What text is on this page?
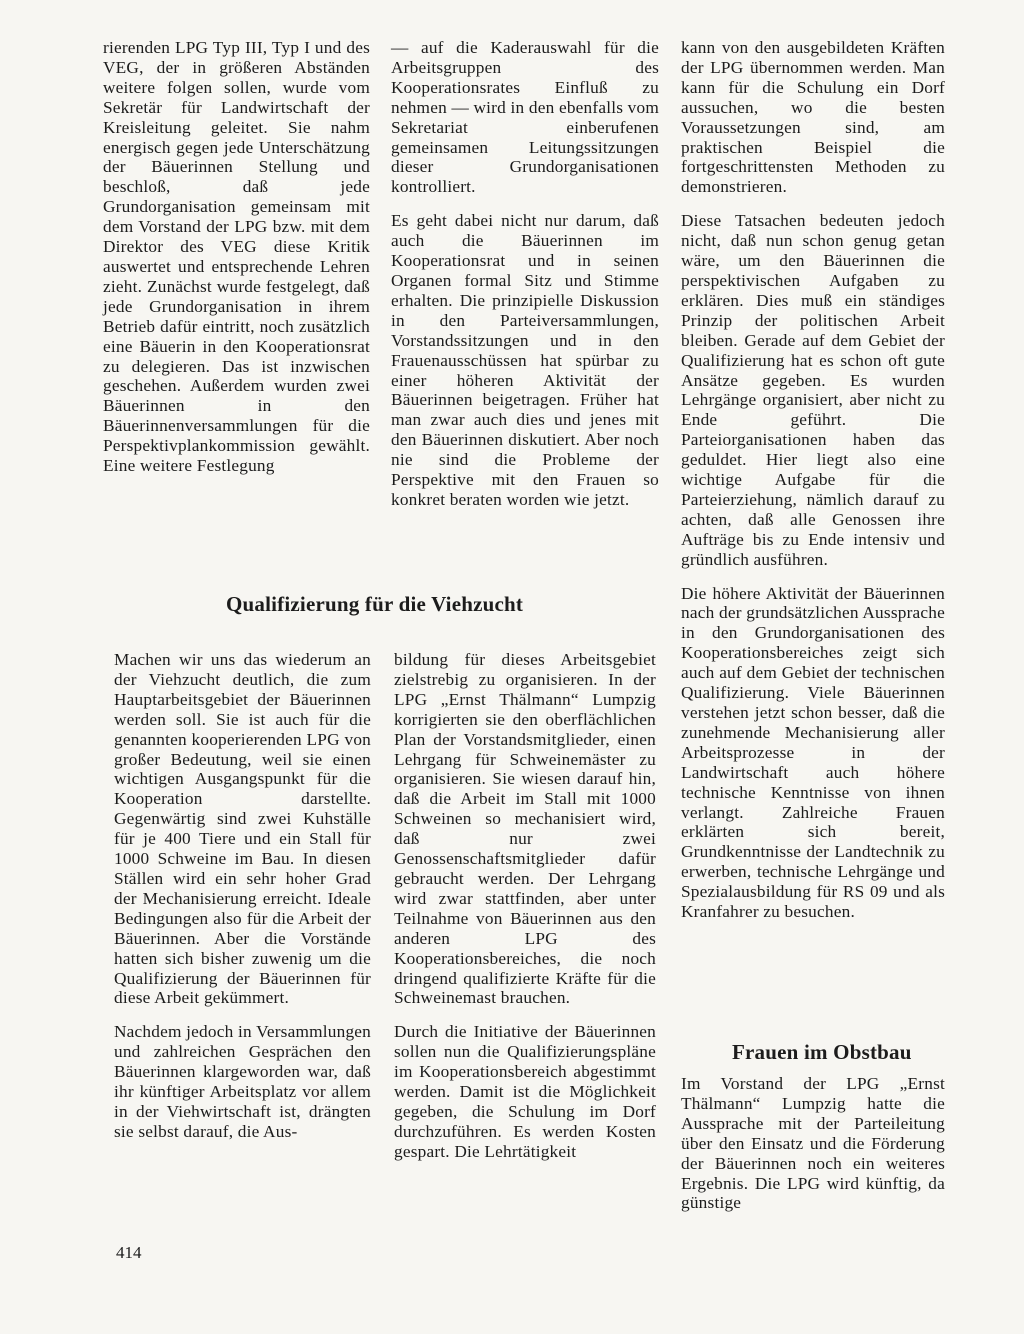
rierenden LPG Typ III, Typ I und des VEG, der in größeren Abständen weitere folgen sollen, wurde vom Sekretär für Landwirtschaft der Kreisleitung geleitet. Sie nahm energisch gegen jede Unterschätzung der Bäuerinnen Stellung und beschloß, daß jede Grundorganisation gemeinsam mit dem Vorstand der LPG bzw. mit dem Direktor des VEG diese Kritik auswertet und entsprechende Lehren zieht. Zunächst wurde festgelegt, daß jede Grundorganisation in ihrem Betrieb dafür eintritt, noch zusätzlich eine Bäuerin in den Kooperationsrat zu delegieren. Das ist inzwischen geschehen. Außerdem wurden zwei Bäuerinnen in den Bäuerinnenversammlungen für die Perspektivplankommission gewählt. Eine weitere Festlegung

— auf die Kaderauswahl für die Arbeitsgruppen des Kooperationsrates Einfluß zu nehmen — wird in den ebenfalls vom Sekretariat einberufenen gemeinsamen Leitungssitzungen dieser Grundorganisationen kontrolliert.

Es geht dabei nicht nur darum, daß auch die Bäuerinnen im Kooperationsrat und in seinen Organen formal Sitz und Stimme erhalten. Die prinzipielle Diskussion in den Parteiversammlungen, Vorstandssitzungen und in den Frauenausschüssen hat spürbar zu einer höheren Aktivität der Bäuerinnen beigetragen. Früher hat man zwar auch dies und jenes mit den Bäuerinnen diskutiert. Aber noch nie sind die Probleme der Perspektive mit den Frauen so konkret beraten worden wie jetzt.

kann von den ausgebildeten Kräften der LPG übernommen werden. Man kann für die Schulung ein Dorf aussuchen, wo die besten Voraussetzungen sind, am praktischen Beispiel die fortgeschrittensten Methoden zu demonstrieren.

Diese Tatsachen bedeuten jedoch nicht, daß nun schon genug getan wäre, um den Bäuerinnen die perspektivischen Aufgaben zu erklären. Dies muß ein ständiges Prinzip der politischen Arbeit bleiben. Gerade auf dem Gebiet der Qualifizierung hat es schon oft gute Ansätze gegeben. Es wurden Lehrgänge organisiert, aber nicht zu Ende geführt. Die Parteiorganisationen haben das geduldet. Hier liegt also eine wichtige Aufgabe für die Parteierziehung, nämlich darauf zu achten, daß alle Genossen ihre Aufträge bis zu Ende intensiv und gründlich ausführen.

Die höhere Aktivität der Bäuerinnen nach der grundsätzlichen Aussprache in den Grundorganisationen des Kooperationsbereiches zeigt sich auch auf dem Gebiet der technischen Qualifizierung. Viele Bäuerinnen verstehen jetzt schon besser, daß die zunehmende Mechanisierung aller Arbeitsprozesse in der Landwirtschaft auch höhere technische Kenntnisse von ihnen verlangt. Zahlreiche Frauen erklärten sich bereit, Grundkenntnisse der Landtechnik zu erwerben, technische Lehrgänge und Spezialausbildung für RS 09 und als Kranfahrer zu besuchen.

Frauen im Obstbau

Im Vorstand der LPG „Ernst Thälmann“ Lumpzig hatte die Aussprache mit der Parteileitung über den Einsatz und die Förderung der Bäuerinnen noch ein weiteres Ergebnis. Die LPG wird künftig, da günstige

Qualifizierung für die Viehzucht

Machen wir uns das wiederum an der Viehzucht deutlich, die zum Hauptarbeitsgebiet der Bäuerinnen werden soll. Sie ist auch für die genannten kooperierenden LPG von großer Bedeutung, weil sie einen wichtigen Ausgangspunkt für die Kooperation darstellte. Gegenwärtig sind zwei Kuhställe für je 400 Tiere und ein Stall für 1000 Schweine im Bau. In diesen Ställen wird ein sehr hoher Grad der Mechanisierung erreicht. Ideale Bedingungen also für die Arbeit der Bäuerinnen. Aber die Vorstände hatten sich bisher zuwenig um die Qualifizierung der Bäuerinnen für diese Arbeit gekümmert.

Nachdem jedoch in Versammlungen und zahlreichen Gesprächen den Bäuerinnen klargeworden war, daß ihr künftiger Arbeitsplatz vor allem in der Viehwirtschaft ist, drängten sie selbst darauf, die Aus-

bildung für dieses Arbeitsgebiet zielstrebig zu organisieren. In der LPG „Ernst Thälmann“ Lumpzig korrigierten sie den oberflächlichen Plan der Vorstandsmitglieder, einen Lehrgang für Schweinemäster zu organisieren. Sie wiesen darauf hin, daß die Arbeit im Stall mit 1000 Schweinen so mechanisiert wird, daß nur zwei Genossenschaftsmitglieder dafür gebraucht werden. Der Lehrgang wird zwar stattfinden, aber unter Teilnahme von Bäuerinnen aus den anderen LPG des Kooperationsbereiches, die noch dringend qualifizierte Kräfte für die Schweinemast brauchen.

Durch die Initiative der Bäuerinnen sollen nun die Qualifizierungspläne im Kooperationsbereich abgestimmt werden. Damit ist die Möglichkeit gegeben, die Schulung im Dorf durchzuführen. Es werden Kosten gespart. Die Lehrtätigkeit

414
